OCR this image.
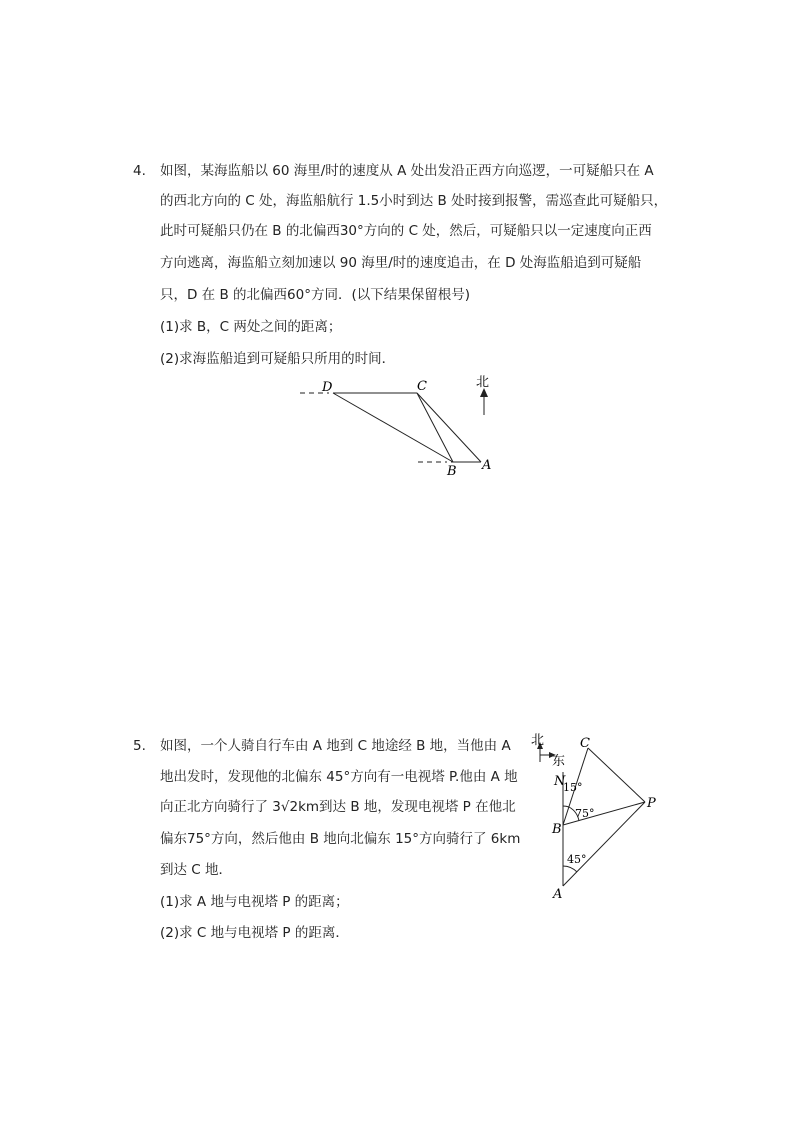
4. 如图，某海监船以 60 海里/时的速度从 A 处出发沿正西方向巡逻，一可疑船只在 A
的西北方向的 C 处，海监船航行 1.5小时到达 B 处时接到报警，需巡查此可疑船只，
此时可疑船只仍在 B 的北偏西30°方向的 C 处，然后，可疑船只以一定速度向正西
方向逃离，海监船立刻加速以 90 海里/时的速度追击，在 D 处海监船追到可疑船
只，D 在 B 的北偏西60°方同．(以下结果保留根号)
(1)求 B，C 两处之间的距离；
(2)求海监船追到可疑船只所用的时间．
D	C
B A
北
5. 如图，一个人骑自行车由 A 地到 C 地途经 B 地，当他由 A
地出发时，发现他的北偏东 45°方向有一电视塔 P.他由 A 地
向正北方向骑行了 3√2km到达 B 地，发现电视塔 P 在他北
偏东75°方向，然后他由 B 地向北偏东 15°方向骑行了 6km
到达 C 地．
(1)求 A 地与电视塔 P 的距离；
(2)求 C 地与电视塔 P 的距离．
北
东
C
N
15°
75°
B
P
45°
A
